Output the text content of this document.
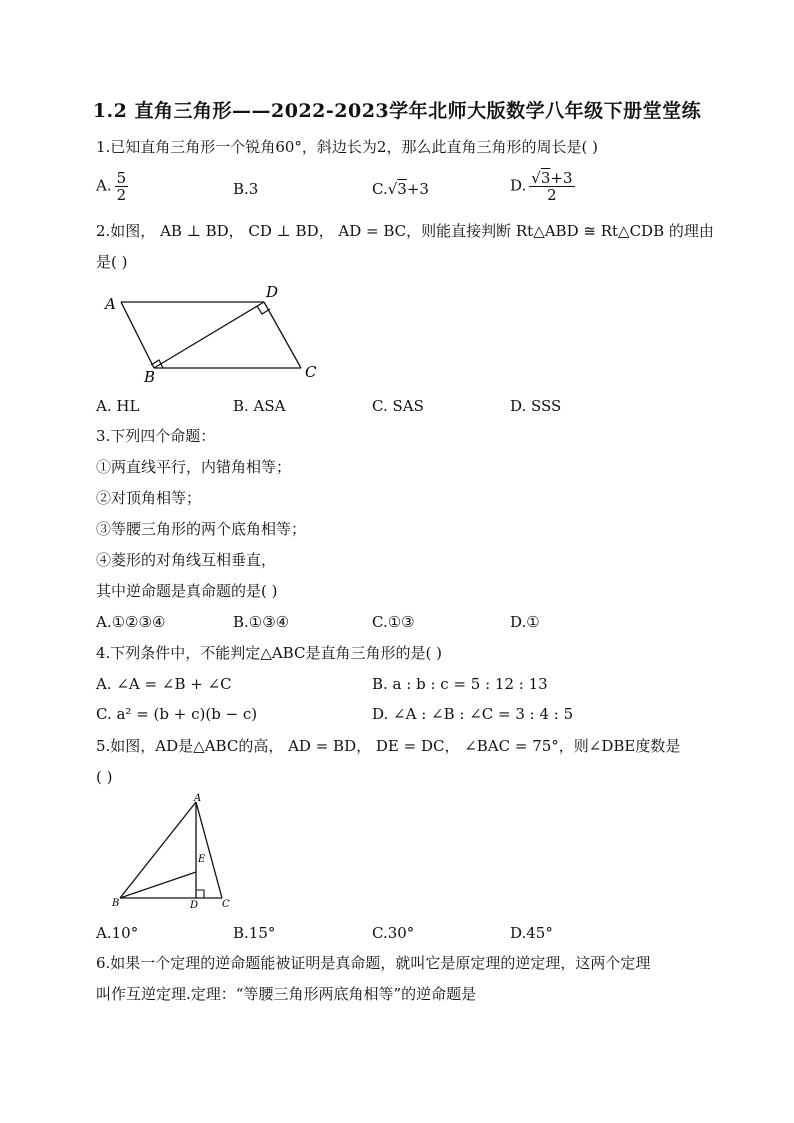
1.2 直角三角形——2022-2023学年北师大版数学八年级下册堂堂练
1.已知直角三角形一个锐角60°，斜边长为2，那么此直角三角形的周长是( )
A. $\frac{5}{2}$	B.3	C.√3+3	D. $\frac{√3+3}{2}$
2.如图， AB ⊥ BD， CD ⊥ BD， AD = BC，则能直接判断 Rt△ABD ≅ Rt△CDB 的理由
是( )
A
B	C
D
A. HL	B. ASA	C. SAS	D. SSS
3.下列四个命题：
①两直线平行，内错角相等；
②对顶角相等；
③等腰三角形的两个底角相等；
④菱形的对角线互相垂直，
其中逆命题是真命题的是( )
A.①②③④	B.①③④	C.①③	D.①
4.下列条件中，不能判定△ABC是直角三角形的是( )
A. ∠A = ∠B + ∠C	B. a : b : c = 5 : 12 : 13
C. a² = (b + c)(b − c)	D. ∠A : ∠B : ∠C = 3 : 4 : 5
5.如图，AD是△ABC的高， AD = BD， DE = DC， ∠BAC = 75°，则∠DBE度数是
( )
A
B	C
D
E
A.10°	B.15°	C.30°	D.45°
6.如果一个定理的逆命题能被证明是真命题，就叫它是原定理的逆定理，这两个定理
叫作互逆定理.定理：“等腰三角形两底角相等”的逆命题是
